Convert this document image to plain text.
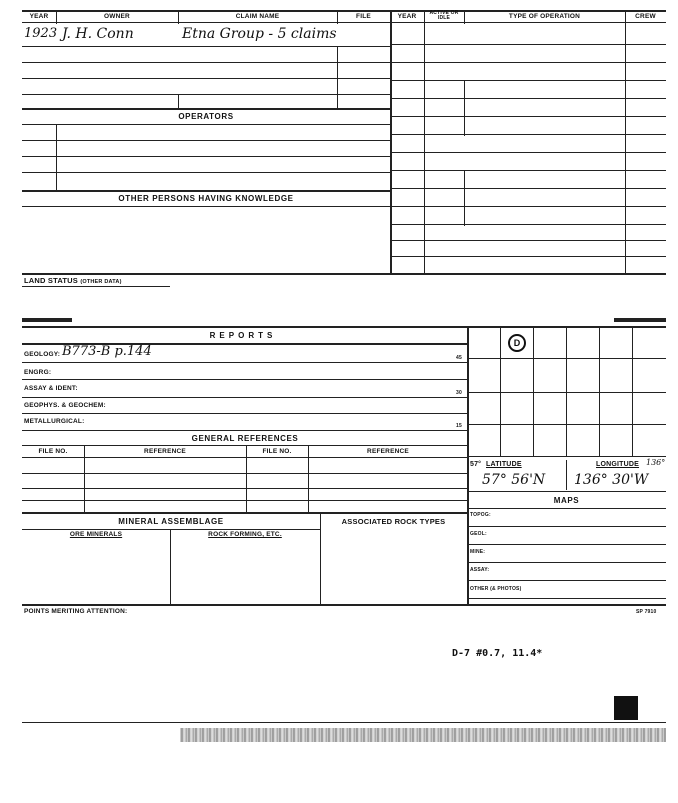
YEAR	OWNER	CLAIM NAME	FILE	YEAR	ACTIVE OR IDLE	TYPE OF OPERATION	CREW
1923 J. H. Conn	Etna Group - 5 claims
OPERATORS
OTHER PERSONS HAVING KNOWLEDGE
LAND STATUS (OTHER DATA)
REPORTS
GEOLOGY: B773-B p.144	45
ENGRG:
ASSAY & IDENT:
30
GEOPHYS. & GEOCHEM:
METALLURGICAL:
15
GENERAL REFERENCES
FILE NO.	REFERENCE	FILE NO.	REFERENCE
D
57° LATITUDE	LONGITUDE 136°
57° 56'N 136° 30'W
MAPS
TOPOG:
GEOL:
MINE:
ASSAY:
OTHER (& PHOTOS)
MINERAL ASSEMBLAGE
ORE MINERALS	ROCK FORMING, ETC.
ASSOCIATED ROCK TYPES
POINTS MERITING ATTENTION:	SP 7910
D-7 #0.7, 11.4*
